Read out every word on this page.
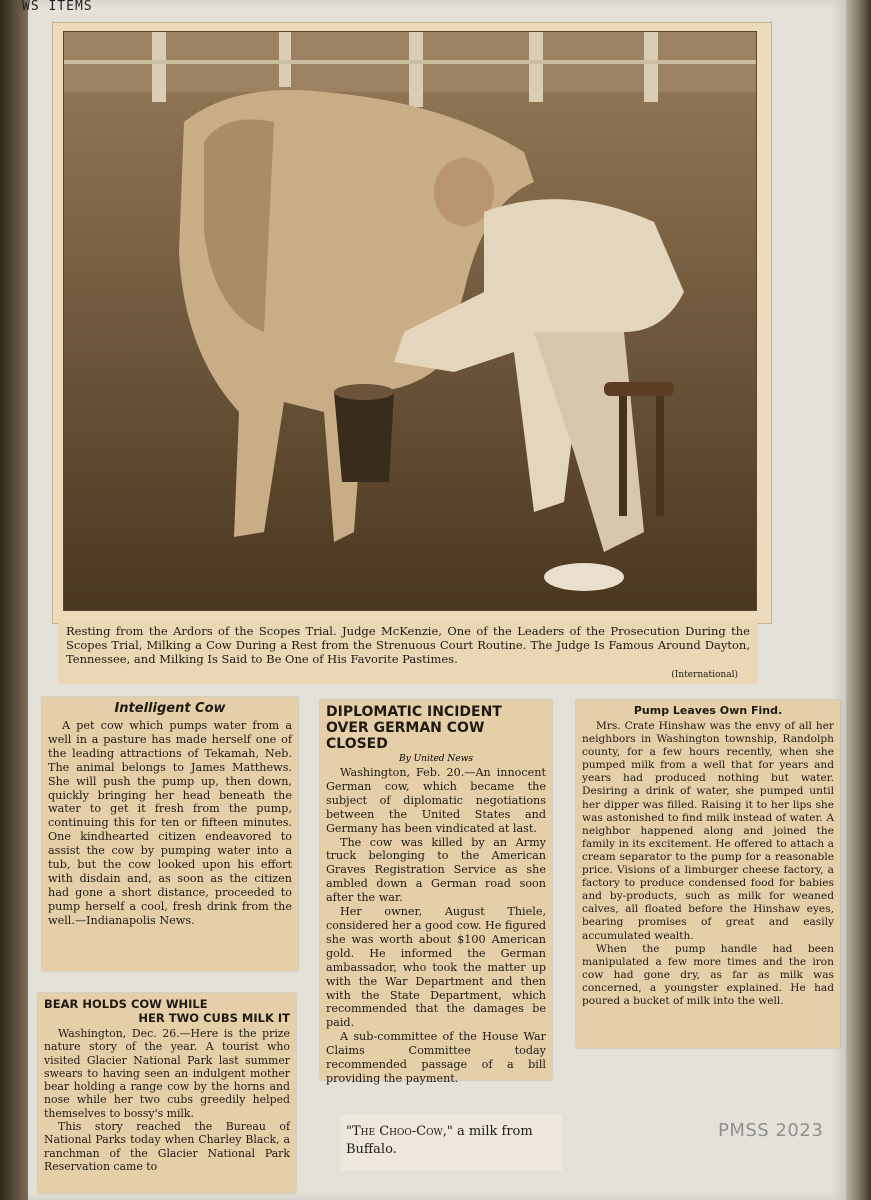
WS ITEMS
Resting from the Ardors of the Scopes Trial. Judge McKenzie, One of the Leaders of the Prosecution During the Scopes Trial, Milking a Cow During a Rest from the Strenuous Court Routine. The Judge Is Famous Around Dayton, Tennessee, and Milking Is Said to Be One of His Favorite Pastimes.
(International)
Intelligent Cow

A pet cow which pumps water from a well in a pasture has made herself one of the leading attractions of Tekamah, Neb. The animal belongs to James Matthews. She will push the pump up, then down, quickly bringing her head beneath the water to get it fresh from the pump, continuing this for ten or fifteen minutes. One kindhearted citizen endeavored to assist the cow by pumping water into a tub, but the cow looked upon his effort with disdain and, as soon as the citizen had gone a short distance, proceeded to pump herself a cool, fresh drink from the well.—Indianapolis News.

DIPLOMATIC INCIDENT
OVER GERMAN COW CLOSED
By United News

Washington, Feb. 20.—An innocent German cow, which became the subject of diplomatic negotiations between the United States and Germany has been vindicated at last.

The cow was killed by an Army truck belonging to the American Graves Registration Service as she ambled down a German road soon after the war.

Her owner, August Thiele, considered her a good cow. He figured she was worth about $100 American gold. He informed the German ambassador, who took the matter up with the War Department and then with the State Department, which recommended that the damages be paid.

A sub-committee of the House War Claims Committee today recommended passage of a bill providing the payment.

Pump Leaves Own Find.

Mrs. Crate Hinshaw was the envy of all her neighbors in Washington township, Randolph county, for a few hours recently, when she pumped milk from a well that for years and years had produced nothing but water. Desiring a drink of water, she pumped until her dipper was filled. Raising it to her lips she was astonished to find milk instead of water. A neighbor happened along and joined the family in its excitement. He offered to attach a cream separator to the pump for a reasonable price. Visions of a limburger cheese factory, a factory to produce condensed food for babies and by-products, such as milk for weaned calves, all floated before the Hinshaw eyes, bearing promises of great and easily accumulated wealth.

When the pump handle had been manipulated a few more times and the iron cow had gone dry, as far as milk was concerned, a youngster explained. He had poured a bucket of milk into the well.

BEAR HOLDS COW WHILE
HER TWO CUBS MILK IT

Washington, Dec. 26.—Here is the prize nature story of the year. A tourist who visited Glacier National Park last summer swears to having seen an indulgent mother bear holding a range cow by the horns and nose while her two cubs greedily helped themselves to bossy's milk.

This story reached the Bureau of National Parks today when Charley Black, a ranchman of the Glacier National Park Reservation came to

"The Choo-Cow," a milk from Buffalo.
PMSS 2023
